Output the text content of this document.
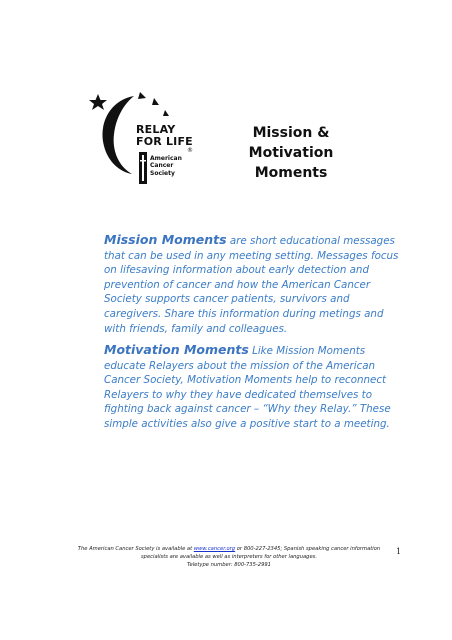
RELAY
FOR LIFE
®
American
Cancer
Society
Mission & Motivation
Moments
Mission Moments are short educational messages that can be used in any meeting setting. Messages focus on lifesaving information about early detection and prevention of cancer and how the American Cancer Society supports cancer patients, survivors and caregivers. Share this information during metings and with friends, family and colleagues.
Motivation Moments Like Mission Moments educate Relayers about the mission of the American Cancer Society, Motivation Moments help to reconnect Relayers to why they have dedicated themselves to fighting back against cancer – “Why they Relay.” These simple activities also give a positive start to a meeting.
The American Cancer Society is available at www.cancer.org or 800-227-2345; Spanish speaking cancer information specialists are available as well as interpreters for other languages.
Teletype number: 800-735-2991
1
